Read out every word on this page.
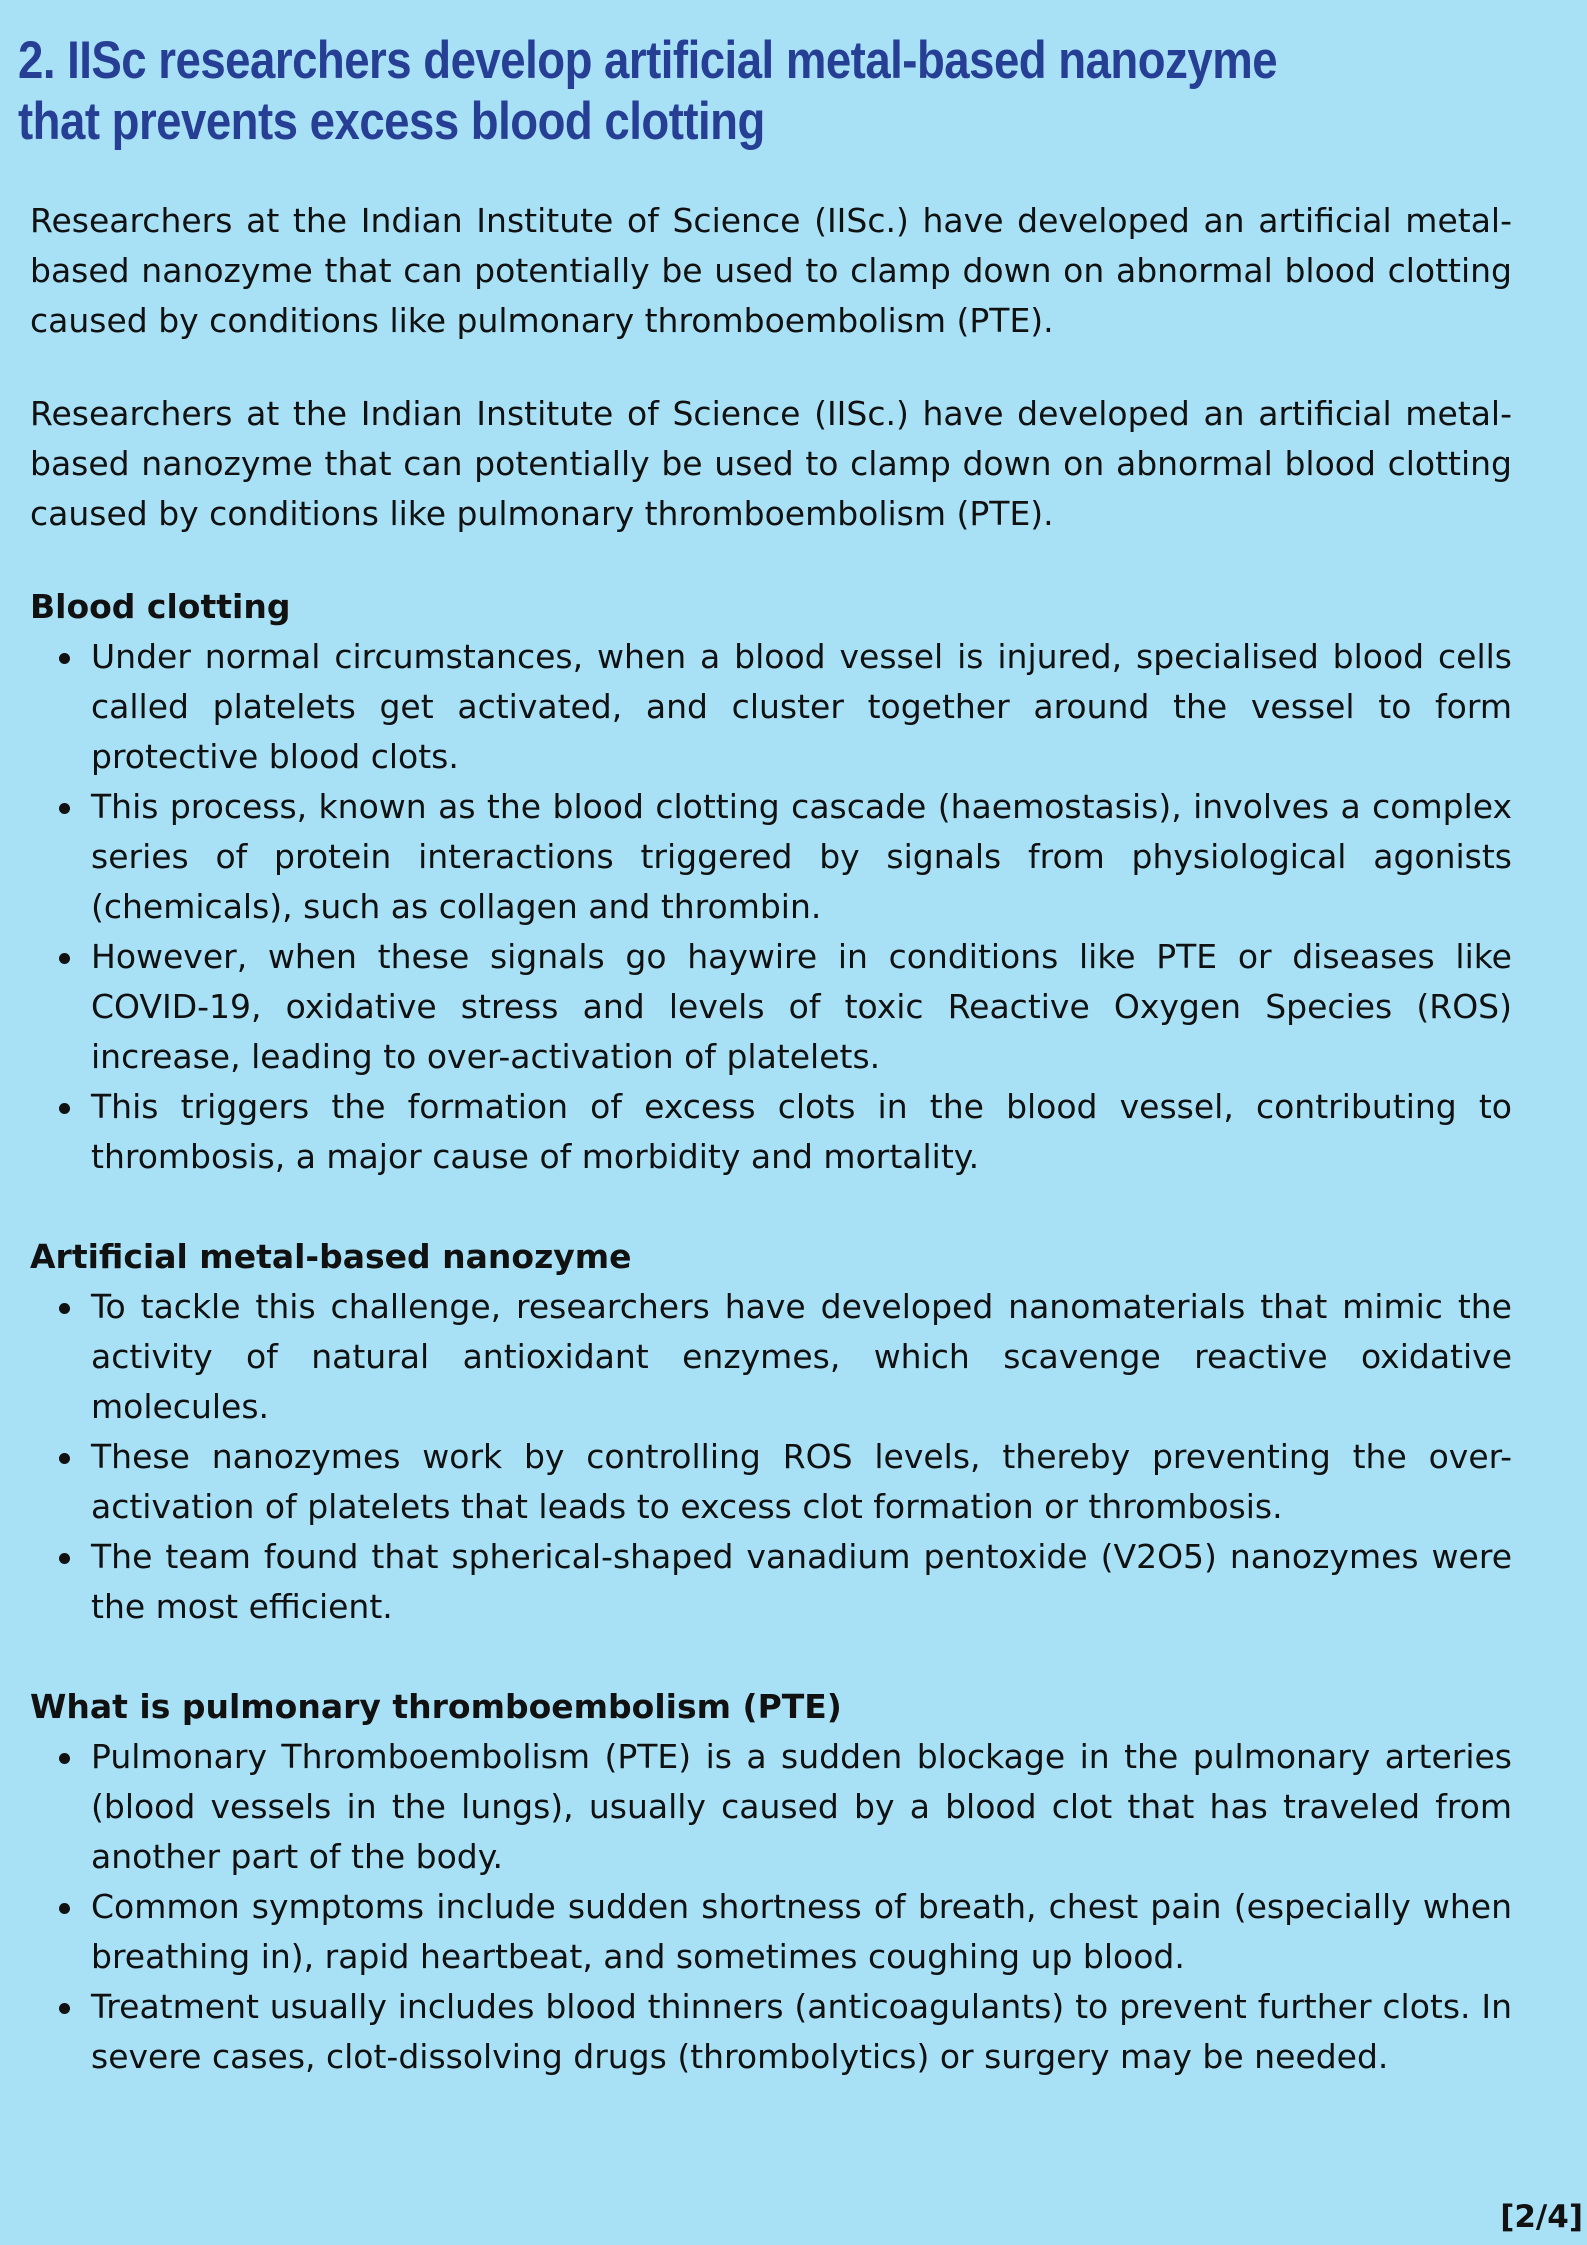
2. IISc researchers develop artificial metal-based nanozyme that prevents excess blood clotting

Researchers at the Indian Institute of Science (IISc.) have developed an artificial metal-based nanozyme that can potentially be used to clamp down on abnormal blood clotting caused by conditions like pulmonary thromboembolism (PTE).

Researchers at the Indian Institute of Science (IISc.) have developed an artificial metal-based nanozyme that can potentially be used to clamp down on abnormal blood clotting caused by conditions like pulmonary thromboembolism (PTE).

Blood clotting
Under normal circumstances, when a blood vessel is injured, specialised blood cells called platelets get activated, and cluster together around the vessel to form protective blood clots.
This process, known as the blood clotting cascade (haemostasis), involves a complex series of protein interactions triggered by signals from physiological agonists (chemicals), such as collagen and thrombin.
However, when these signals go haywire in conditions like PTE or diseases like COVID-19, oxidative stress and levels of toxic Reactive Oxygen Species (ROS) increase, leading to over-activation of platelets.
This triggers the formation of excess clots in the blood vessel, contributing to thrombosis, a major cause of morbidity and mortality.
Artificial metal-based nanozyme
To tackle this challenge, researchers have developed nanomaterials that mimic the activity of natural antioxidant enzymes, which scavenge reactive oxidative molecules.
These nanozymes work by controlling ROS levels, thereby preventing the over-activation of platelets that leads to excess clot formation or thrombosis.
The team found that spherical-shaped vanadium pentoxide (V2O5) nanozymes were the most efficient.
What is pulmonary thromboembolism (PTE)
Pulmonary Thromboembolism (PTE) is a sudden blockage in the pulmonary arteries (blood vessels in the lungs), usually caused by a blood clot that has traveled from another part of the body.
Common symptoms include sudden shortness of breath, chest pain (especially when breathing in), rapid heartbeat, and sometimes coughing up blood.
Treatment usually includes blood thinners (anticoagulants) to prevent further clots. In severe cases, clot-dissolving drugs (thrombolytics) or surgery may be needed.
[2/4]
